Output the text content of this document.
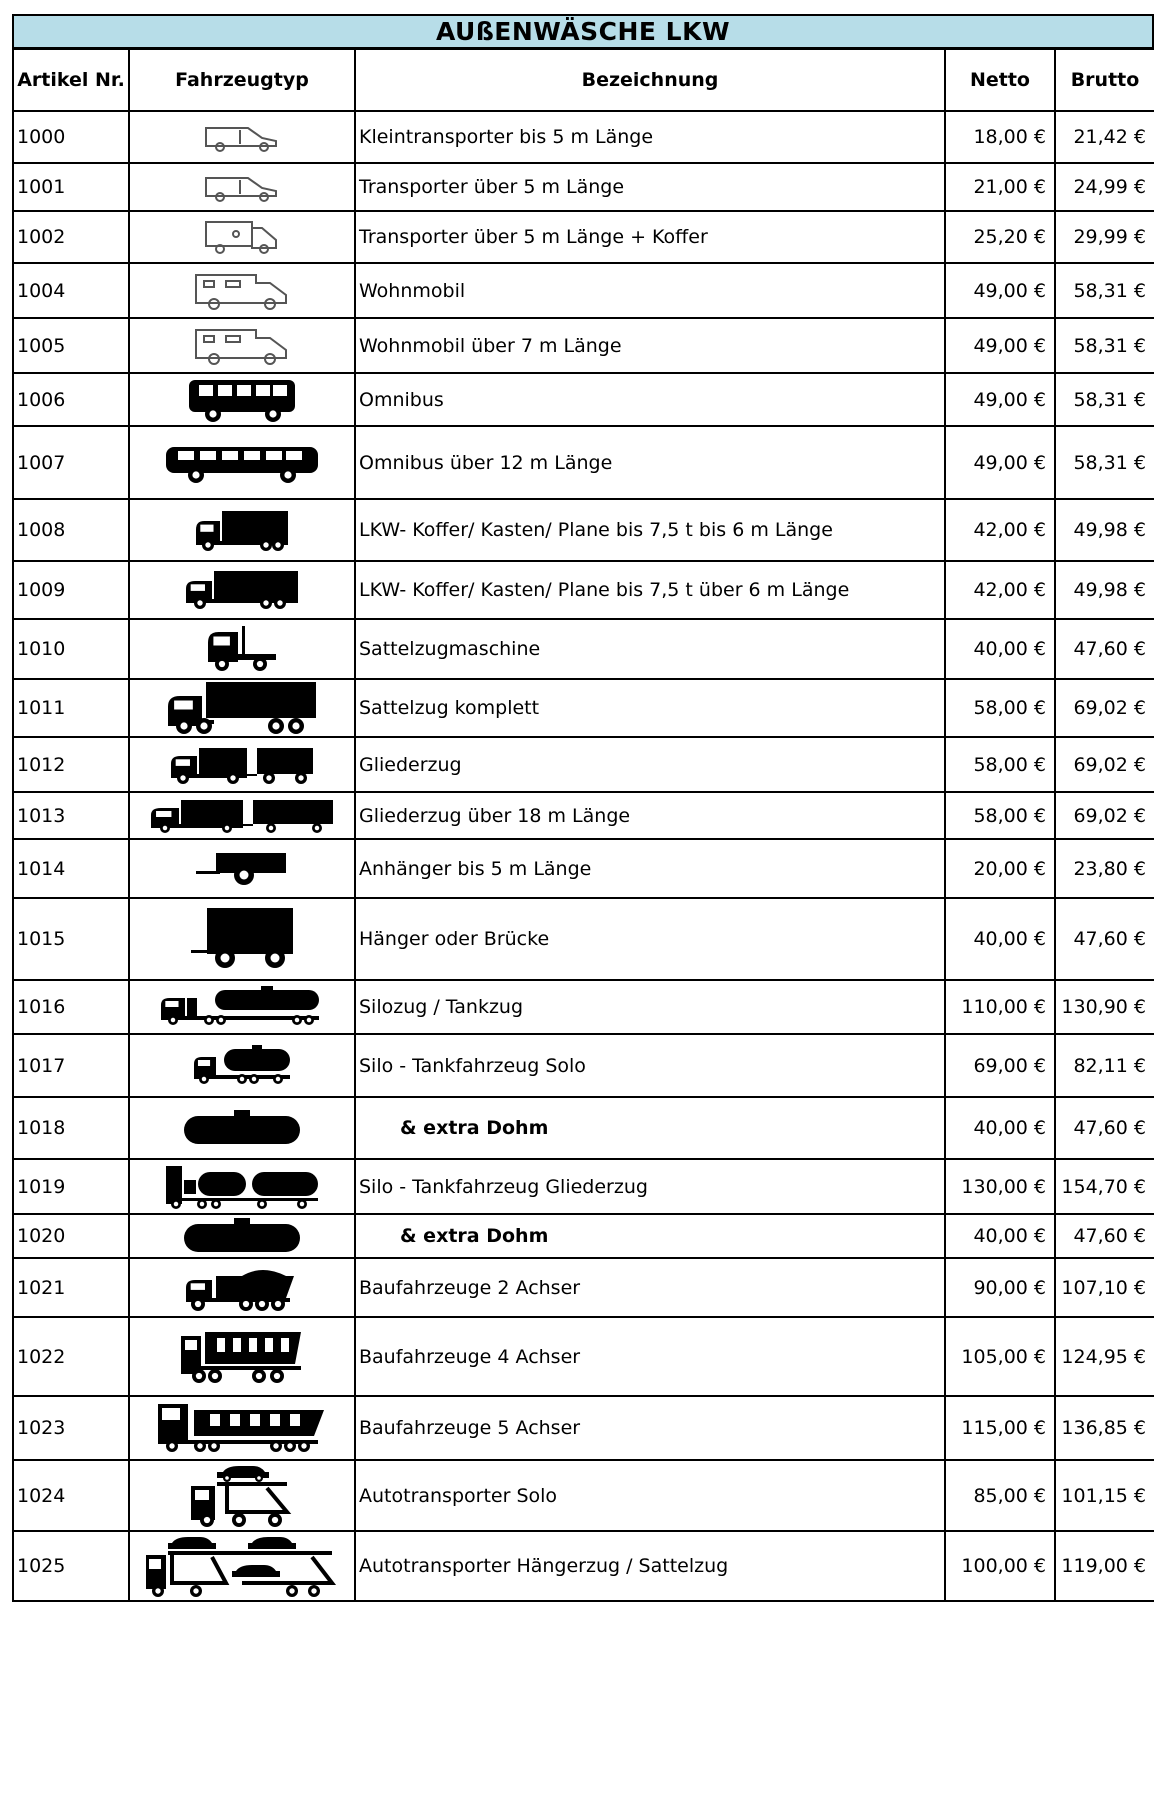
AUßENWÄSCHE LKW
Artikel Nr.	Fahrzeugtyp	Bezeichnung	Netto	Brutto
1000		Kleintransporter bis 5 m Länge	18,00 €	21,42 €
1001		Transporter über 5 m Länge	21,00 €	24,99 €
1002		Transporter über 5 m Länge + Koffer	25,20 €	29,99 €
1004		Wohnmobil	49,00 €	58,31 €
1005		Wohnmobil über 7 m Länge	49,00 €	58,31 €
1006		Omnibus	49,00 €	58,31 €
1007		Omnibus über 12 m Länge	49,00 €	58,31 €
1008		LKW- Koffer/ Kasten/ Plane bis 7,5 t bis 6 m Länge	42,00 €	49,98 €
1009		LKW- Koffer/ Kasten/ Plane bis 7,5 t über 6 m Länge	42,00 €	49,98 €
1010		Sattelzugmaschine	40,00 €	47,60 €
1011		Sattelzug komplett	58,00 €	69,02 €
1012		Gliederzug	58,00 €	69,02 €
1013		Gliederzug über 18 m Länge	58,00 €	69,02 €
1014		Anhänger bis 5 m Länge	20,00 €	23,80 €
1015		Hänger oder Brücke	40,00 €	47,60 €
1016		Silozug / Tankzug	110,00 €	130,90 €
1017		Silo - Tankfahrzeug Solo	69,00 €	82,11 €
1018		& extra Dohm	40,00 €	47,60 €
1019		Silo - Tankfahrzeug Gliederzug	130,00 €	154,70 €
1020		& extra Dohm	40,00 €	47,60 €
1021		Baufahrzeuge 2 Achser	90,00 €	107,10 €
1022		Baufahrzeuge 4 Achser	105,00 €	124,95 €
1023		Baufahrzeuge 5 Achser	115,00 €	136,85 €
1024		Autotransporter Solo	85,00 €	101,15 €
1025		Autotransporter Hängerzug / Sattelzug	100,00 €	119,00 €
